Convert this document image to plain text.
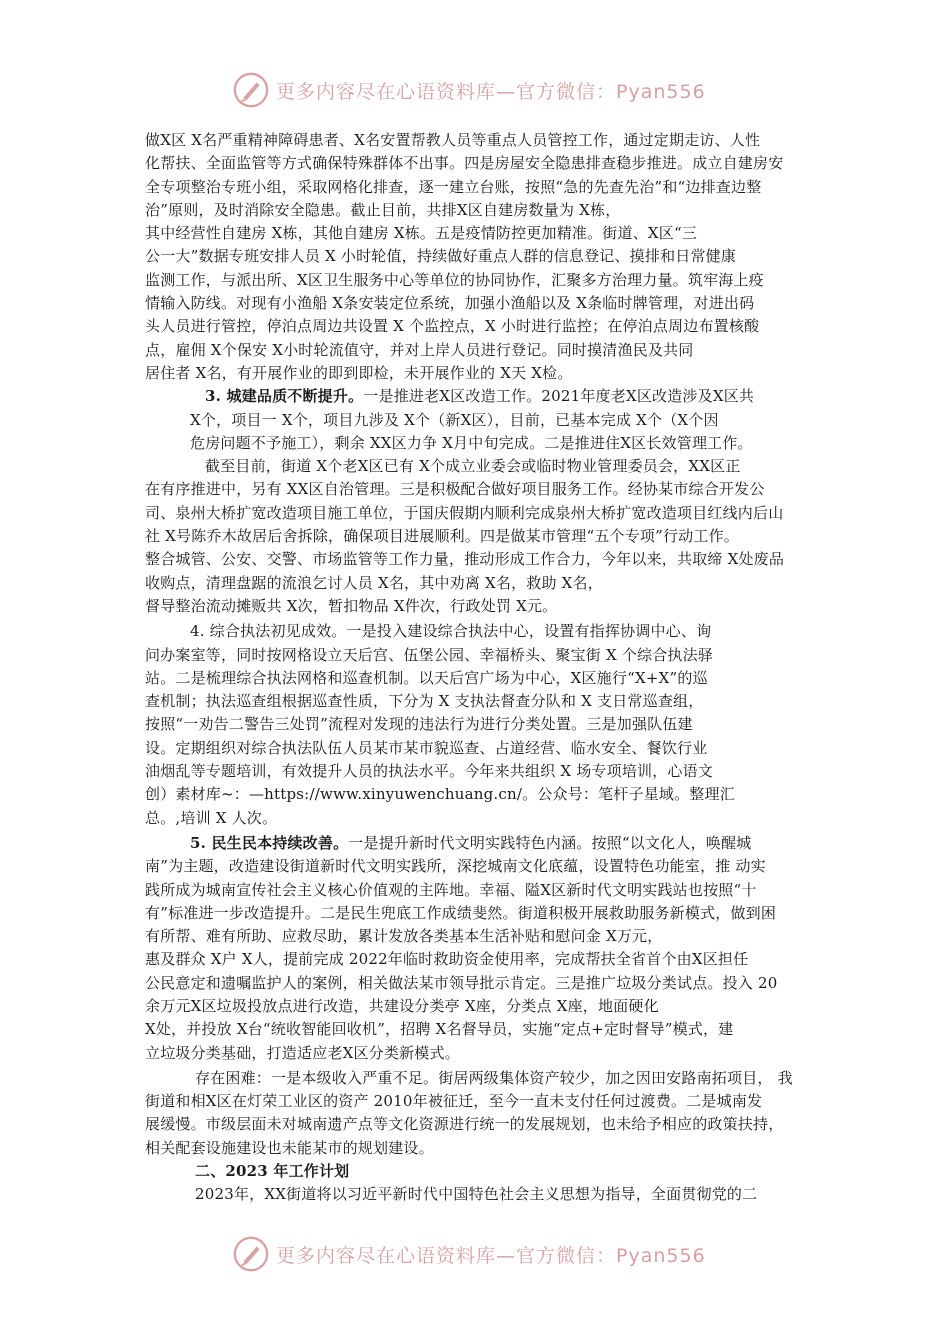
更多内容尽在心语资料库—官方微信：Pyan556

做X区 X名严重精神障碍患者、X名安置帮教人员等重点人员管控工作，通过定期走访、人性

化帮扶、全面监管等方式确保特殊群体不出事。四是房屋安全隐患排查稳步推进。成立自建房安

全专项整治专班小组，采取网格化排查，逐一建立台账，按照“急的先查先治”和“边排查边整

治”原则，及时消除安全隐患。截止目前，共排X区自建房数量为 X栋，

其中经营性自建房 X栋，其他自建房 X栋。五是疫情防控更加精准。街道、X区“三

公一大”数据专班安排人员 X 小时轮值，持续做好重点人群的信息登记、摸排和日常健康

监测工作，与派出所、X区卫生服务中心等单位的协同协作，汇聚多方治理力量。筑牢海上疫

情输入防线。对现有小渔船 X条安装定位系统，加强小渔船以及 X条临时牌管理，对进出码

头人员进行管控，停泊点周边共设置 X 个监控点，X 小时进行监控；在停泊点周边布置核酸

点，雇佣 X个保安 X小时轮流值守，并对上岸人员进行登记。同时摸清渔民及共同

居住者 X名，有开展作业的即到即检，未开展作业的 X天 X检。

3. 城建品质不断提升。一是推进老X区改造工作。2021年度老X区改造涉及X区共

X个，项目一 X个，项目九涉及 X个（新X区），目前，已基本完成 X个（X个因

危房问题不予施工），剩余 XX区力争 X月中旬完成。二是推进住X区长效管理工作。

截至目前，街道 X个老X区已有 X个成立业委会或临时物业管理委员会，XX区正

在有序推进中，另有 XX区自治管理。三是积极配合做好项目服务工作。经协某市综合开发公

司、泉州大桥扩宽改造项目施工单位，于国庆假期内顺利完成泉州大桥扩宽改造项目红线内后山

社 X号陈乔木故居后舍拆除，确保项目进展顺利。四是做某市管理“五个专项”行动工作。

整合城管、公安、交警、市场监管等工作力量，推动形成工作合力，今年以来，共取缔 X处废品

收购点，清理盘踞的流浪乞讨人员 X名，其中劝离 X名，救助 X名，

督导整治流动摊贩共 X次，暂扣物品 X件次，行政处罚 X元。

4. 综合执法初见成效。一是投入建设综合执法中心，设置有指挥协调中心、询

问办案室等，同时按网格设立天后宫、伍堡公园、幸福桥头、聚宝街 X 个综合执法驿

站。二是梳理综合执法网格和巡查机制。以天后宫广场为中心，X区施行“X+X”的巡

查机制；执法巡查组根据巡查性质，下分为 X 支执法督查分队和 X 支日常巡查组，

按照“一劝告二警告三处罚”流程对发现的违法行为进行分类处置。三是加强队伍建

设。定期组织对综合执法队伍人员某市某市貌巡查、占道经营、临水安全、餐饮行业

油烟乱等专题培训，有效提升人员的执法水平。今年来共组织 X 场专项培训，心语文

创）素材库~：—https://www.xinyuwenchuang.cn/。公众号：笔杆子星域。整理汇

总。,培训 X 人次。

5. 民生民本持续改善。一是提升新时代文明实践特色内涵。按照“以文化人，唤醒城

南”为主题，改造建设街道新时代文明实践所，深挖城南文化底蕴，设置特色功能室，推 动实

践所成为城南宣传社会主义核心价值观的主阵地。幸福、隘X区新时代文明实践站也按照“十

有”标准进一步改造提升。二是民生兜底工作成绩斐然。街道积极开展救助服务新模式，做到困

有所帮、难有所助、应救尽助，累计发放各类基本生活补贴和慰问金 X万元，

惠及群众 X户 X人，提前完成 2022年临时救助资金使用率，完成帮扶全省首个由X区担任

公民意定和遗嘱监护人的案例，相关做法某市领导批示肯定。三是推广垃圾分类试点。投入 20

余万元X区垃圾投放点进行改造，共建设分类亭 X座，分类点 X座，地面硬化

X处，并投放 X台“统收智能回收机”，招聘 X名督导员，实施“定点+定时督导”模式，建

立垃圾分类基础，打造适应老X区分类新模式。

存在困难：一是本级收入严重不足。街居两级集体资产较少，加之因田安路南拓项目， 我

街道和相X区在灯荣工业区的资产 2010年被征迁，至今一直未支付任何过渡费。二是城南发

展缓慢。市级层面未对城南遗产点等文化资源进行统一的发展规划，也未给予相应的政策扶持，

相关配套设施建设也未能某市的规划建设。

二、2023 年工作计划

2023年，XX街道将以习近平新时代中国特色社会主义思想为指导，全面贯彻党的二

更多内容尽在心语资料库—官方微信：Pyan556
